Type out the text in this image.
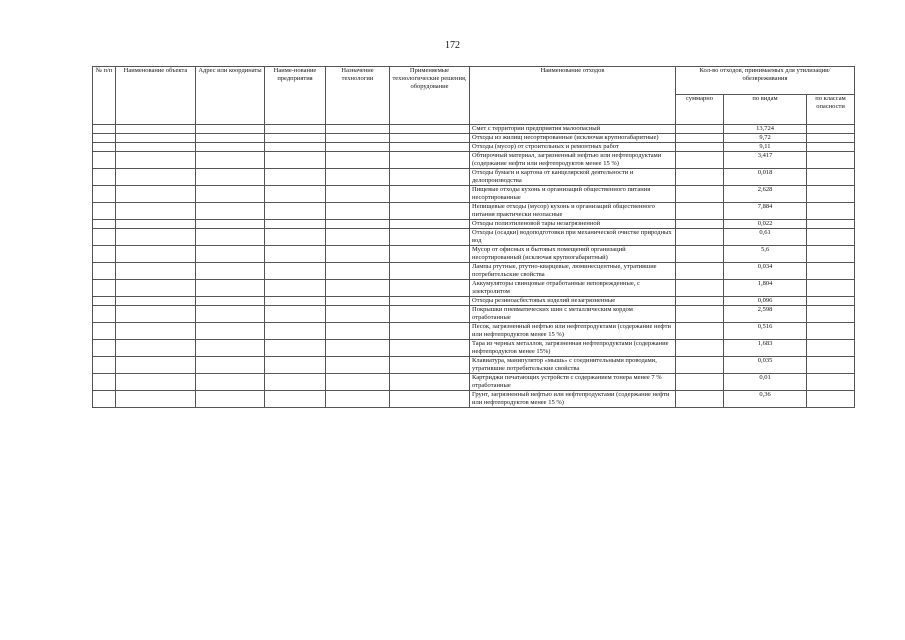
172
№ п/п	Наименование объекта	Адрес или координаты	Наиме-нование предприятия	Назначение технологии	Применяемые технологические решения, оборудование	Наименование отходов	Кол-во отходов, принимаемых для утилизации/обезвреживания		
							суммарно	по видам	по классам опасности
						Смет с территории предприятия малоопасный		13,724	
						Отходы из жилищ несортированные (исключая крупногабаритные)		9,72	
						Отходы (мусор) от строительных и ремонтных работ		9,11	
						Обтирочный материал, загрязненный нефтью или нефтепродуктами (содержание нефти или нефтепродуктов менее 15 %)		3,417	
						Отходы бумаги и картона от канцелярской деятельности и делопроизводства		0,018	
						Пищевые отходы кухонь и организаций общественного питания несортированные		2,628	
						Непищевые отходы (мусор) кухонь и организаций общественного питания практически неопасные		7,884	
						Отходы полиэтиленовой тары незагрязненной		0,022	
						Отходы (осадки) водоподготовки при механической очистке природных вод		0,61	
						Мусор от офисных и бытовых помещений организаций несортированный (исключая крупногабаритный)		5,6	
						Лампы ртутные, ртутно-кварцевые, люминесцентные, утратившие потребительские свойства		0,034	
						Аккумуляторы свинцовые отработанные неповрежденные, с электролитом		1,804	
						Отходы резиноасбестовых изделий незагрязненные		0,096	
						Покрышки пневматических шин с металлическим кордом отработанные		2,598	
						Песок, загрязненный нефтью или нефтепродуктами (содержание нефти или нефтепродуктов менее 15 %)		0,516	
						Тара из черных металлов, загрязненная нефтепродуктами (содержание нефтепродуктов менее 15%)		1,683	
						Клавиатура, манипулятор «мышь» с соединительными проводами, утратившие потребительские свойства		0,035	
						Картриджи печатающих устройств с содержанием тонера менее 7 % отработанные		0,01	
						Грунт, загрязненный нефтью или нефтепродуктами (содержание нефти или нефтепродуктов менее 15 %)		0,36	
